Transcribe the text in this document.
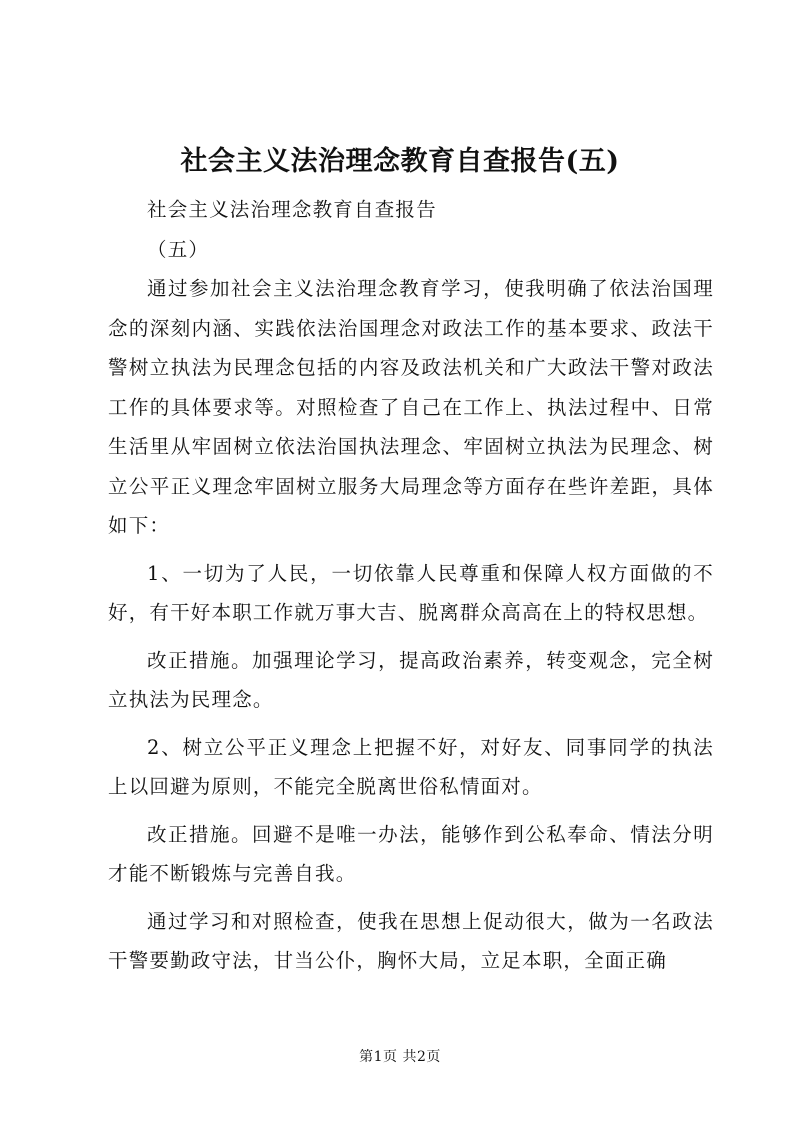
社会主义法治理念教育自查报告(五)

社会主义法治理念教育自查报告

（五）

通过参加社会主义法治理念教育学习，使我明确了依法治国理念的深刻内涵、实践依法治国理念对政法工作的基本要求、政法干警树立执法为民理念包括的内容及政法机关和广大政法干警对政法工作的具体要求等。对照检查了自己在工作上、执法过程中、日常生活里从牢固树立依法治国执法理念、牢固树立执法为民理念、树立公平正义理念牢固树立服务大局理念等方面存在些许差距，具体如下：

1、一切为了人民，一切依靠人民尊重和保障人权方面做的不好，有干好本职工作就万事大吉、脱离群众高高在上的特权思想。

改正措施。加强理论学习，提高政治素养，转变观念，完全树立执法为民理念。

2、树立公平正义理念上把握不好，对好友、同事同学的执法上以回避为原则，不能完全脱离世俗私情面对。

改正措施。回避不是唯一办法，能够作到公私奉命、情法分明才能不断锻炼与完善自我。

通过学习和对照检查，使我在思想上促动很大，做为一名政法干警要勤政守法，甘当公仆，胸怀大局，立足本职，全面正确

第1页 共2页
